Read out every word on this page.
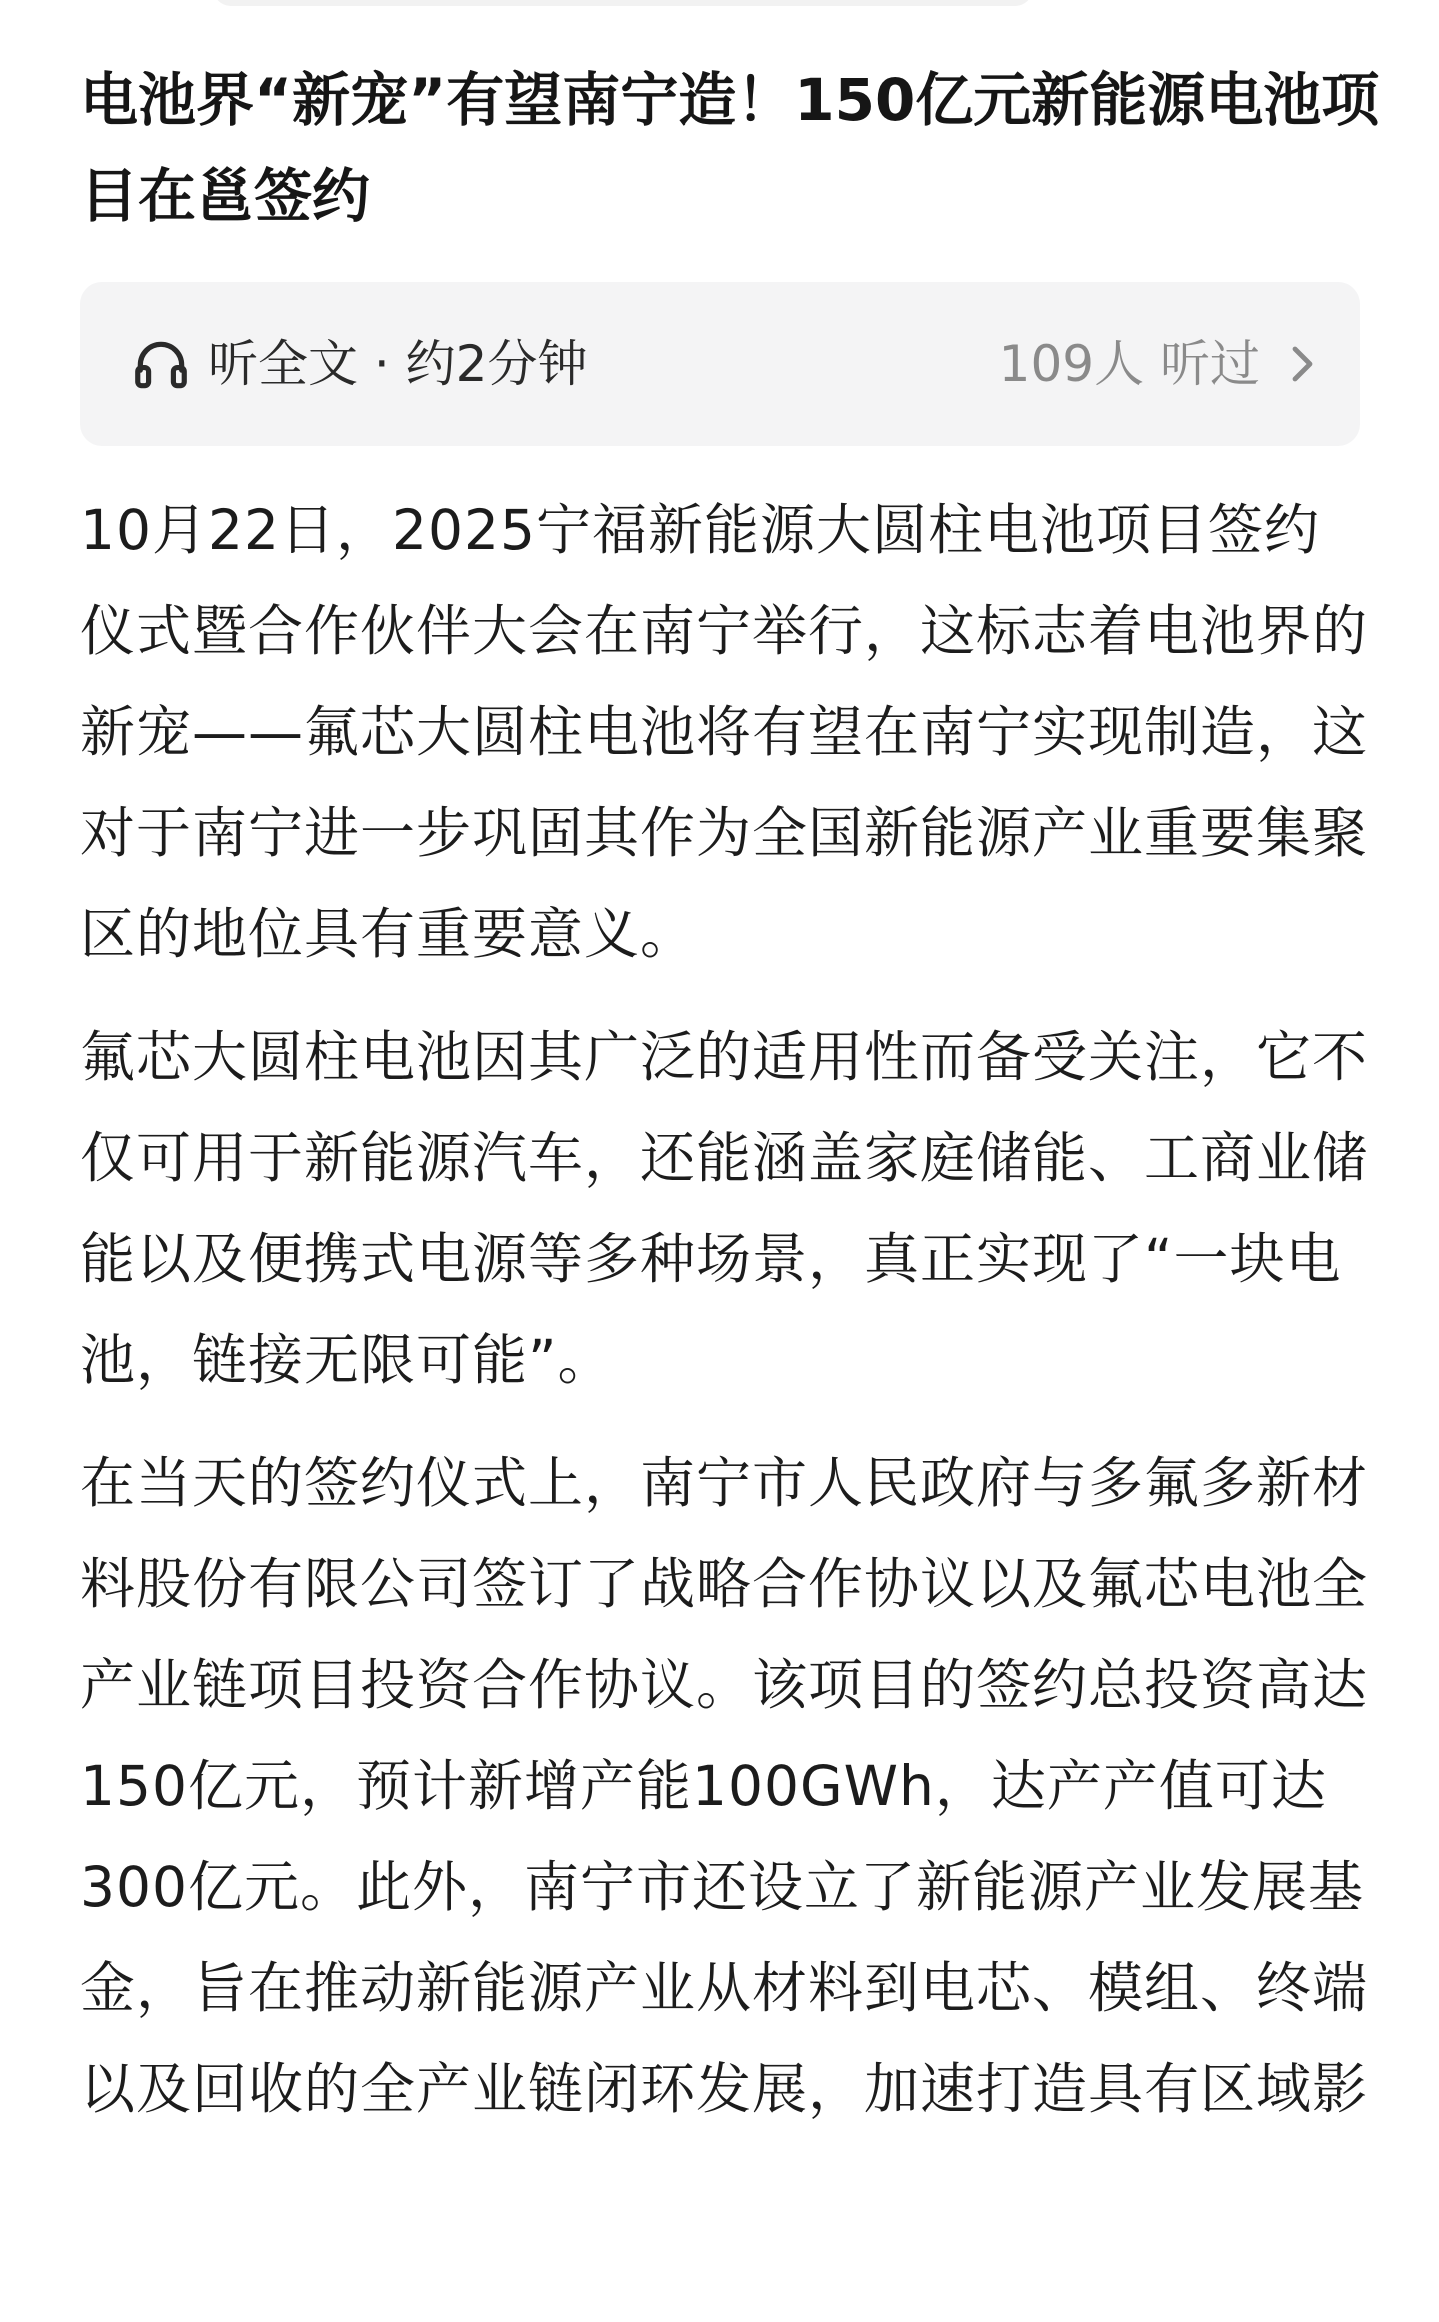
电池界“新宠”有望南宁造！150亿元新能源电池项目在邕签约
听全文 · 约2分钟	109人 听过

10月22日，2025宁福新能源大圆柱电池项目签约仪式暨合作伙伴大会在南宁举行，这标志着电池界的新宠——氟芯大圆柱电池将有望在南宁实现制造，这对于南宁进一步巩固其作为全国新能源产业重要集聚区的地位具有重要意义。

氟芯大圆柱电池因其广泛的适用性而备受关注，它不仅可用于新能源汽车，还能涵盖家庭储能、工商业储能以及便携式电源等多种场景，真正实现了“一块电池，链接无限可能”。

在当天的签约仪式上，南宁市人民政府与多氟多新材料股份有限公司签订了战略合作协议以及氟芯电池全产业链项目投资合作协议。该项目的签约总投资高达150亿元，预计新增产能100GWh，达产产值可达300亿元。此外，南宁市还设立了新能源产业发展基金，旨在推动新能源产业从材料到电芯、模组、终端以及回收的全产业链闭环发展，加速打造具有区域影
